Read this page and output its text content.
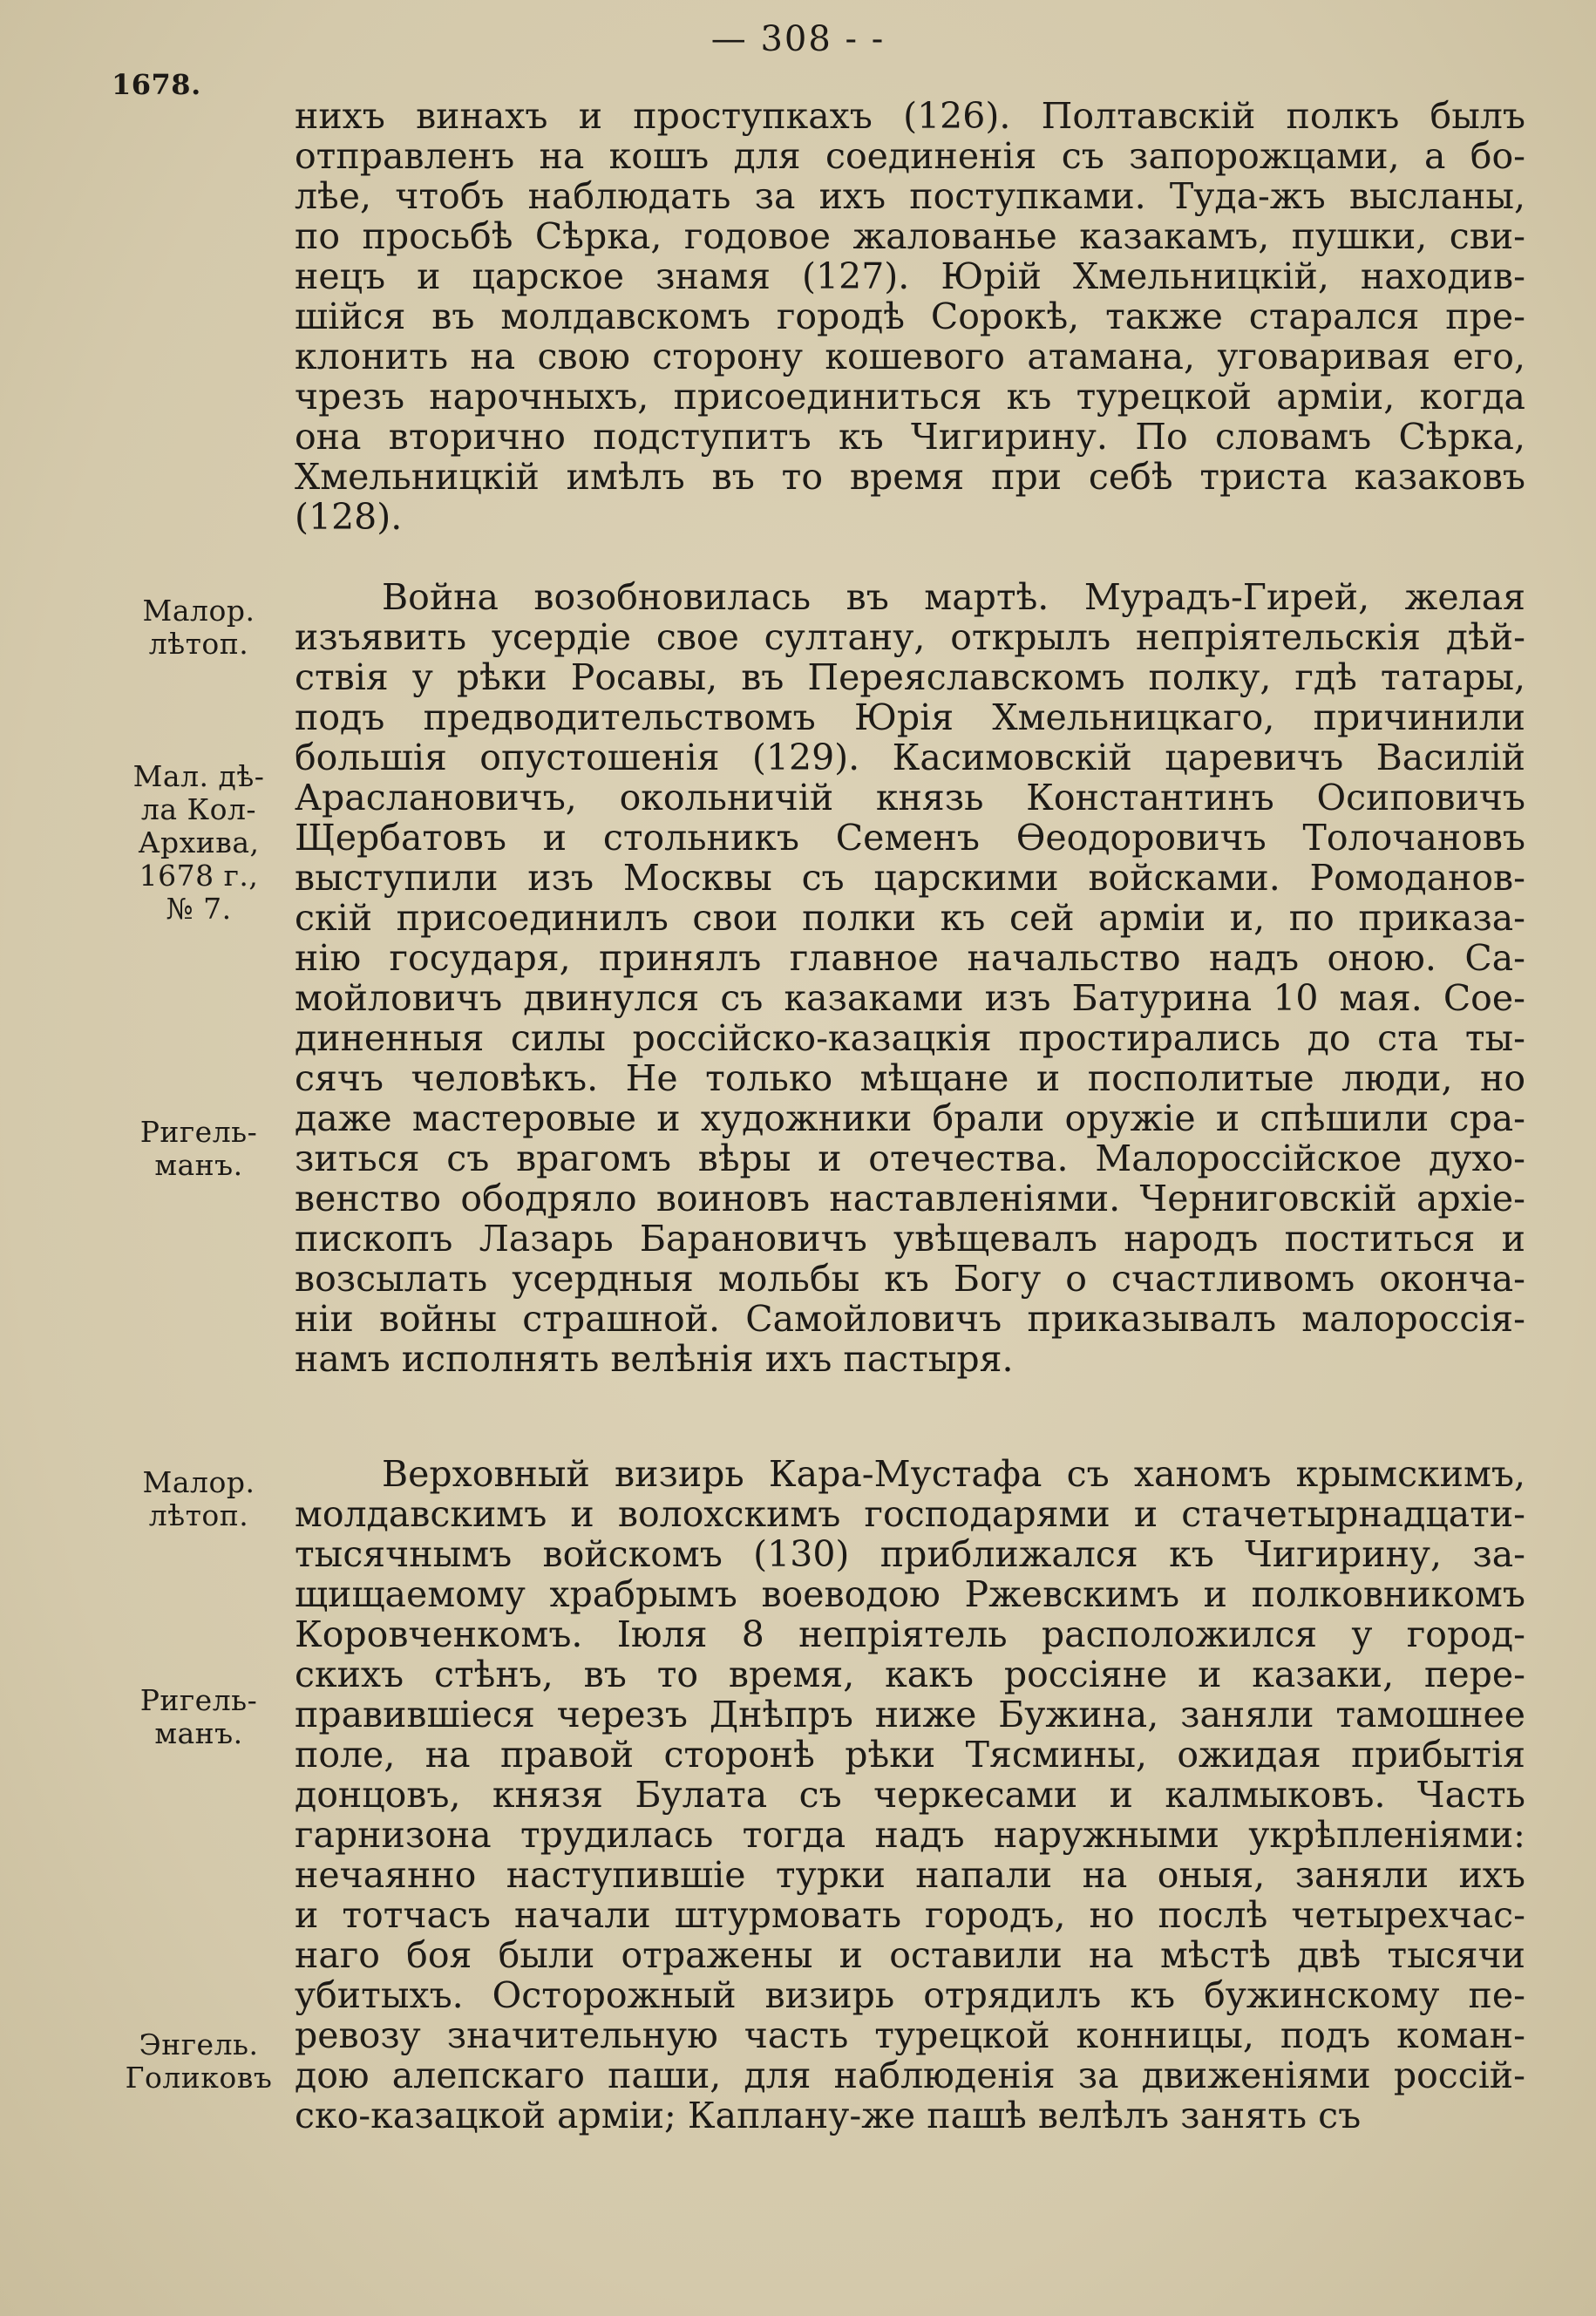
— 308 - -
1678.
Малор.
лѣтоп.
Мал. дѣ-
ла Кол-
Архива,
1678 г.,
№ 7.
Ригель-
манъ.
Малор.
лѣтоп.
Ригель-
манъ.
Энгель.
Голиковъ
нихъ винахъ и проступкахъ (126). Полтавскій полкъ былъ
отправленъ на кошъ для соединенія съ запорожцами, а бо-
лѣе, чтобъ наблюдать за ихъ поступками. Туда-жъ высланы,
по просьбѣ Сѣрка, годовое жалованье казакамъ, пушки, сви-
нецъ и царское знамя (127). Юрій Хмельницкій, находив-
шійся въ молдавскомъ городѣ Сорокѣ, также старался пре-
клонить на свою сторону кошевого атамана, уговаривая его,
чрезъ нарочныхъ, присоединиться къ турецкой арміи, когда
она вторично подступитъ къ Чигирину. По словамъ Сѣрка,
Хмельницкій имѣлъ въ то время при себѣ триста казаковъ
(128).
Война возобновилась въ мартѣ. Мурадъ-Гирей, желая
изъявить усердіе свое султану, открылъ непріятельскія дѣй-
ствія у рѣки Росавы, въ Переяславскомъ полку, гдѣ татары,
подъ предводительствомъ Юрія Хмельницкаго, причинили
большія опустошенія (129). Касимовскій царевичъ Василій
Араслановичъ, окольничій князь Константинъ Осиповичъ
Щербатовъ и стольникъ Семенъ Ѳеодоровичъ Толочановъ
выступили изъ Москвы съ царскими войсками. Ромоданов-
скій присоединилъ свои полки къ сей арміи и, по приказа-
нію государя, принялъ главное начальство надъ оною. Са-
мойловичъ двинулся съ казаками изъ Батурина 10 мая. Сое-
диненныя силы россійско-казацкія простирались до ста ты-
сячъ человѣкъ. Не только мѣщане и посполитые люди, но
даже мастеровые и художники брали оружіе и спѣшили сра-
зиться съ врагомъ вѣры и отечества. Малороссійское духо-
венство ободряло воиновъ наставленіями. Черниговскій архіе-
пископъ Лазарь Барановичъ увѣщевалъ народъ поститься и
возсылать усердныя мольбы къ Богу о счастливомъ оконча-
ніи войны страшной. Самойловичъ приказывалъ малороссія-
намъ исполнять велѣнія ихъ пастыря.
Верховный визирь Кара-Мустафа съ ханомъ крымскимъ,
молдавскимъ и волохскимъ господарями и стачетырнадцати-
тысячнымъ войскомъ (130) приближался къ Чигирину, за-
щищаемому храбрымъ воеводою Ржевскимъ и полковникомъ
Коровченкомъ. Іюля 8 непріятель расположился у город-
скихъ стѣнъ, въ то время, какъ россіяне и казаки, пере-
правившіеся черезъ Днѣпръ ниже Бужина, заняли тамошнее
поле, на правой сторонѣ рѣки Тясмины, ожидая прибытія
донцовъ, князя Булата съ черкесами и калмыковъ. Часть
гарнизона трудилась тогда надъ наружными укрѣпленіями:
нечаянно наступившіе турки напали на оныя, заняли ихъ
и тотчасъ начали штурмовать городъ, но послѣ четырехчас-
наго боя были отражены и оставили на мѣстѣ двѣ тысячи
убитыхъ. Осторожный визирь отрядилъ къ бужинскому пе-
ревозу значительную часть турецкой конницы, подъ коман-
дою алепскаго паши, для наблюденія за движеніями россій-
ско-казацкой арміи; Каплану-же пашѣ велѣлъ занять съ
